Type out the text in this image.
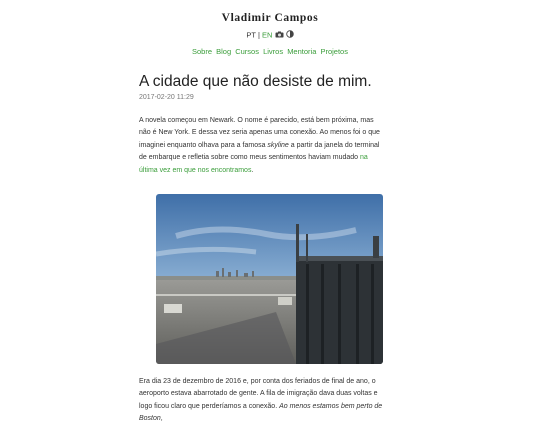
Vladimir Campos
PT | EN
Sobre Blog Cursos Livros Mentoria Projetos
A cidade que não desiste de mim.
2017-02-20 11:29

A novela começou em Newark. O nome é parecido, está bem próxima, mas não é New York. E dessa vez seria apenas uma conexão. Ao menos foi o que imaginei enquanto olhava para a famosa skyline a partir da janela do terminal de embarque e refletia sobre como meus sentimentos haviam mudado na última vez em que nos encontramos.

Era dia 23 de dezembro de 2016 e, por conta dos feriados de final de ano, o aeroporto estava abarrotado de gente. A fila de imigração dava duas voltas e logo ficou claro que perderíamos a conexão. Ao menos estamos bem perto de Boston,
